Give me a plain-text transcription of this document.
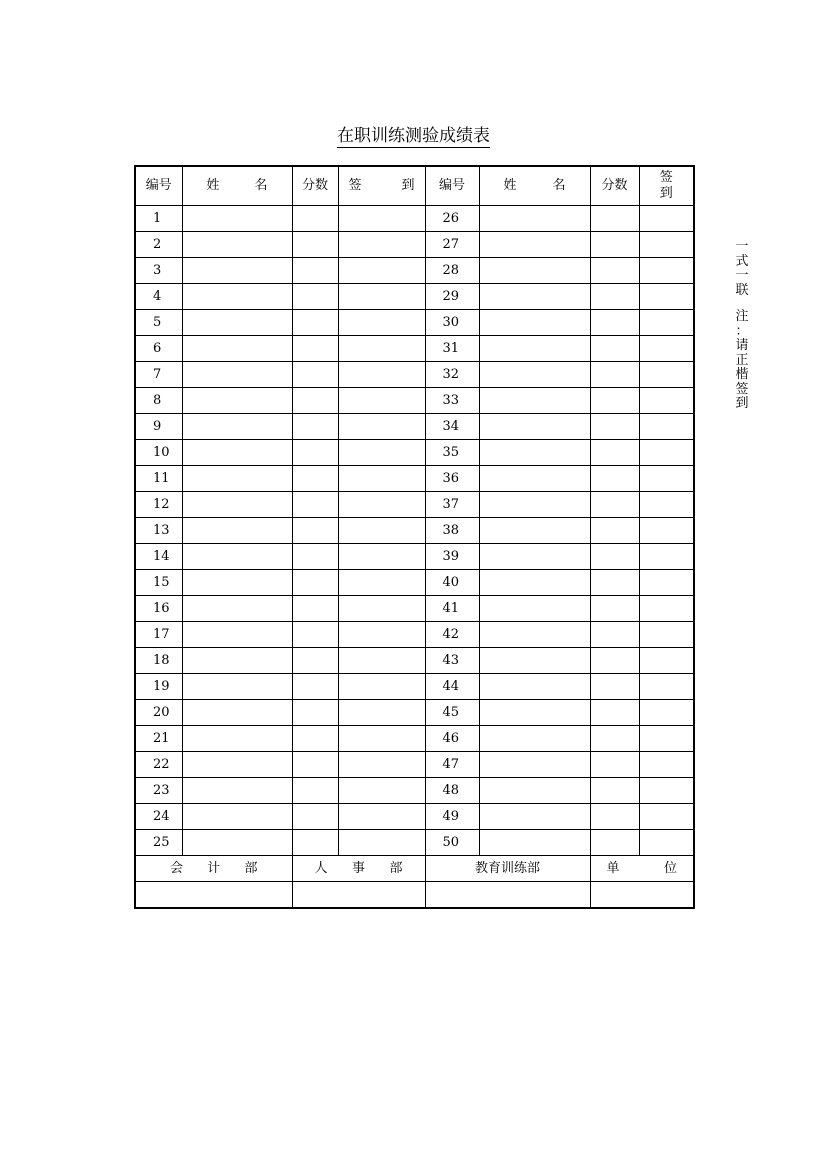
在职训练测验成绩表
编号	姓 名	分数	签 到	编号	姓 名	分数	签
到

1				26			
2				27			
3				28			
4				29			
5				30			
6				31			
7				32			
8				33			
9				34			
10				35			
11				36			
12				37			
13				38			
14				39			
15				40			
16				41			
17				42			
18				43			
19				44			
20				45			
21				46			
22				47			
23				48			
24				49			
25				50			

会 计 部		人 事 部		教育训练部		单 位	

一
式
一
联
注
：
请
正
楷
签
到
